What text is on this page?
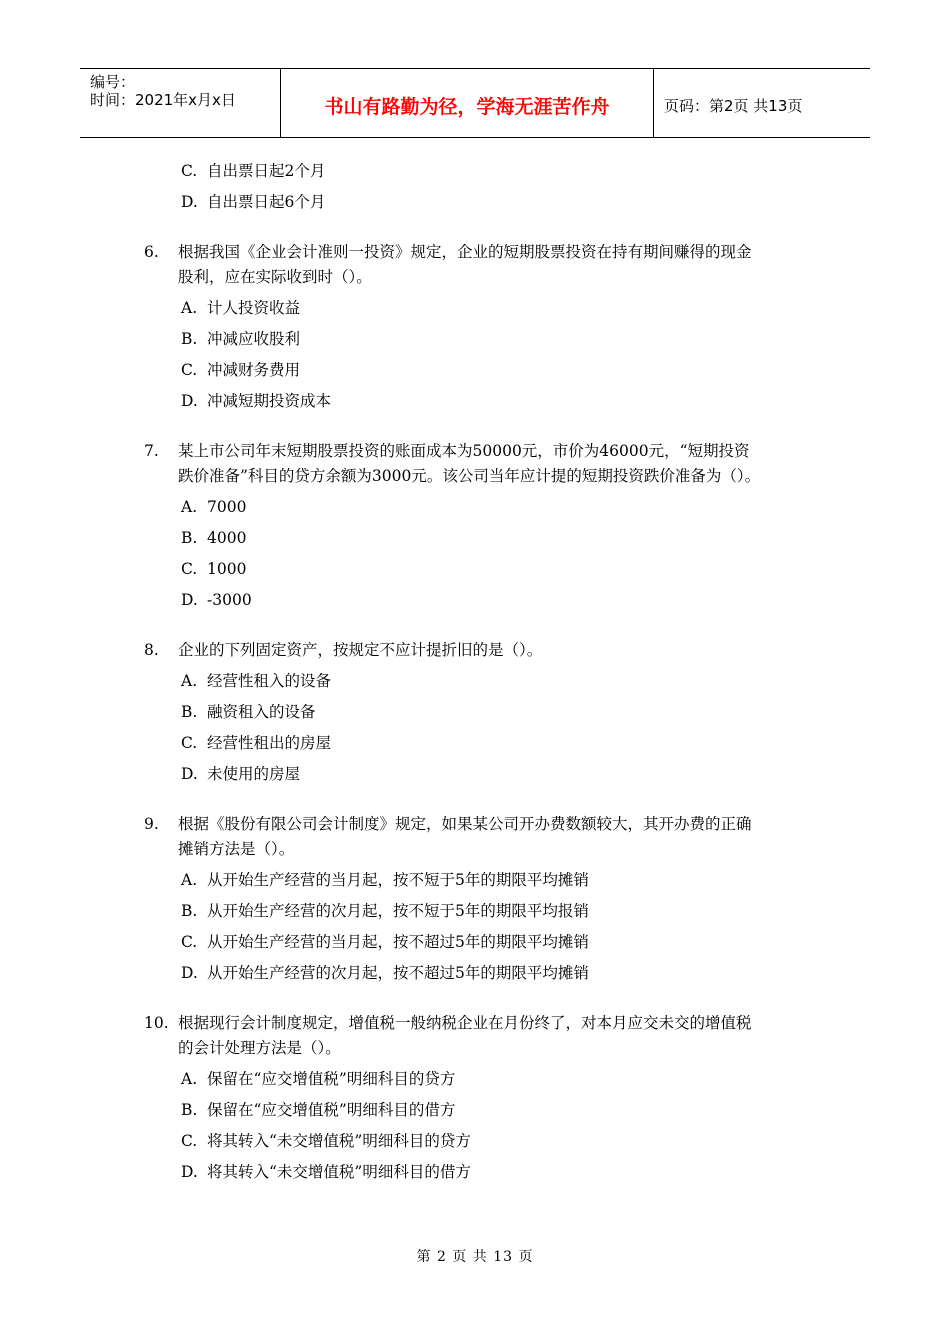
编号：
时间：2021年x月x日	书山有路勤为径，学海无涯苦作舟	页码：第2页 共13页
C. 自出票日起2个月
D. 自出票日起6个月
6. 根据我国《企业会计准则一投资》规定，企业的短期股票投资在持有期间赚得的现金
股利，应在实际收到时（）。
A. 计人投资收益
B. 冲减应收股利
C. 冲减财务费用
D. 冲减短期投资成本
7. 某上市公司年末短期股票投资的账面成本为50000元，市价为46000元，“短期投资
跌价准备”科目的贷方余额为3000元。该公司当年应计提的短期投资跌价准备为（）。
A. 7000
B. 4000
C. 1000
D. -3000
8. 企业的下列固定资产，按规定不应计提折旧的是（）。
A. 经营性租入的设备
B. 融资租入的设备
C. 经营性租出的房屋
D. 未使用的房屋
9. 根据《股份有限公司会计制度》规定，如果某公司开办费数额较大，其开办费的正确
摊销方法是（）。
A. 从开始生产经营的当月起，按不短于5年的期限平均摊销
B. 从开始生产经营的次月起，按不短于5年的期限平均报销
C. 从开始生产经营的当月起，按不超过5年的期限平均摊销
D. 从开始生产经营的次月起，按不超过5年的期限平均摊销
10. 根据现行会计制度规定，增值税一般纳税企业在月份终了，对本月应交未交的增值税
的会计处理方法是（）。
A. 保留在“应交增值税”明细科目的贷方
B. 保留在“应交增值税”明细科目的借方
C. 将其转入“未交增值税”明细科目的贷方
D. 将其转入“未交增值税”明细科目的借方
第 2 页 共 13 页
